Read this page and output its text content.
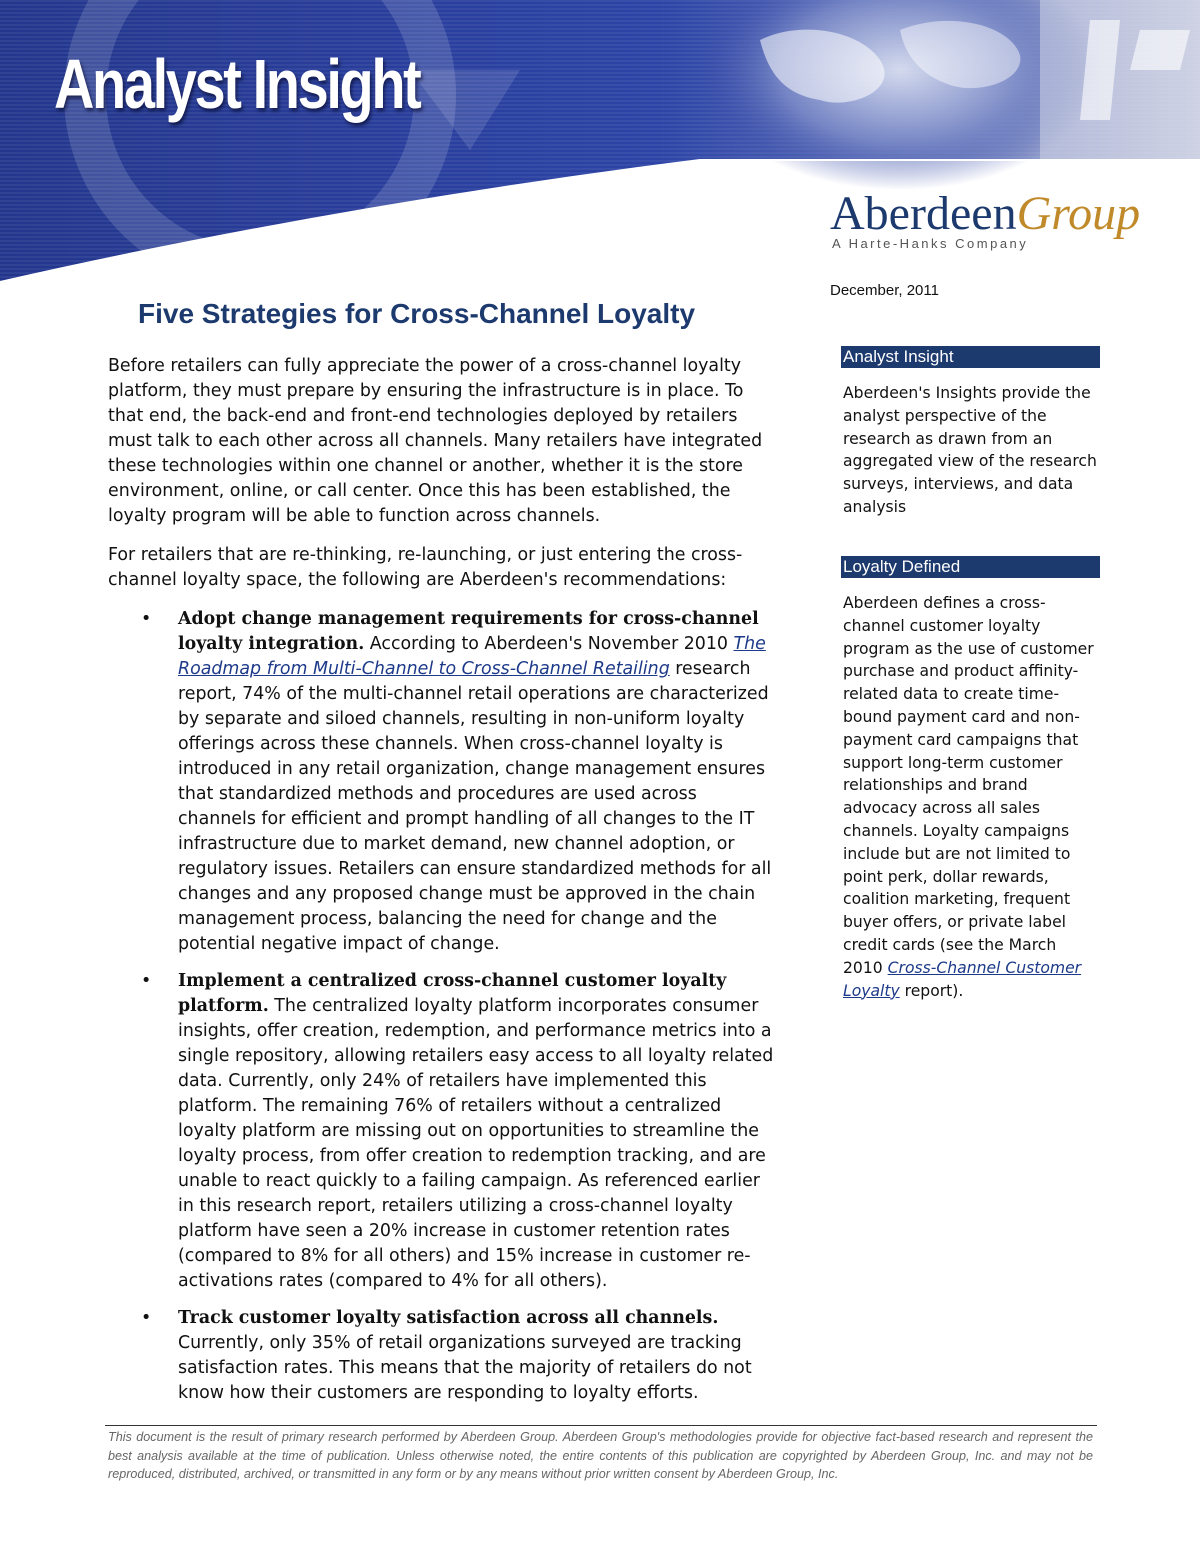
Analyst Insight
AberdeenGroup
A Harte-Hanks Company
December, 2011
Five Strategies for Cross-Channel Loyalty

Before retailers can fully appreciate the power of a cross-channel loyalty platform, they must prepare by ensuring the infrastructure is in place. To that end, the back-end and front-end technologies deployed by retailers must talk to each other across all channels. Many retailers have integrated these technologies within one channel or another, whether it is the store environment, online, or call center. Once this has been established, the loyalty program will be able to function across channels.

For retailers that are re-thinking, re-launching, or just entering the cross-channel loyalty space, the following are Aberdeen's recommendations:

• Adopt change management requirements for cross-channel loyalty integration. According to Aberdeen's November 2010 The Roadmap from Multi-Channel to Cross-Channel Retailing research report, 74% of the multi-channel retail operations are characterized by separate and siloed channels, resulting in non-uniform loyalty offerings across these channels. When cross-channel loyalty is introduced in any retail organization, change management ensures that standardized methods and procedures are used across channels for efficient and prompt handling of all changes to the IT infrastructure due to market demand, new channel adoption, or regulatory issues. Retailers can ensure standardized methods for all changes and any proposed change must be approved in the chain management process, balancing the need for change and the potential negative impact of change.
• Implement a centralized cross-channel customer loyalty platform. The centralized loyalty platform incorporates consumer insights, offer creation, redemption, and performance metrics into a single repository, allowing retailers easy access to all loyalty related data. Currently, only 24% of retailers have implemented this platform. The remaining 76% of retailers without a centralized loyalty platform are missing out on opportunities to streamline the loyalty process, from offer creation to redemption tracking, and are unable to react quickly to a failing campaign. As referenced earlier in this research report, retailers utilizing a cross-channel loyalty platform have seen a 20% increase in customer retention rates (compared to 8% for all others) and 15% increase in customer re-activations rates (compared to 4% for all others).
• Track customer loyalty satisfaction across all channels. Currently, only 35% of retail organizations surveyed are tracking satisfaction rates. This means that the majority of retailers do not know how their customers are responding to loyalty efforts.
Analyst Insight
Aberdeen's Insights provide the analyst perspective of the research as drawn from an aggregated view of the research surveys, interviews, and data analysis
Loyalty Defined
Aberdeen defines a cross-channel customer loyalty program as the use of customer purchase and product affinity-related data to create time-bound payment card and non-payment card campaigns that support long-term customer relationships and brand advocacy across all sales channels. Loyalty campaigns include but are not limited to point perk, dollar rewards, coalition marketing, frequent buyer offers, or private label credit cards (see the March 2010 Cross-Channel Customer Loyalty report).
This document is the result of primary research performed by Aberdeen Group. Aberdeen Group's methodologies provide for objective fact-based research and represent the best analysis available at the time of publication. Unless otherwise noted, the entire contents of this publication are copyrighted by Aberdeen Group, Inc. and may not be reproduced, distributed, archived, or transmitted in any form or by any means without prior written consent by Aberdeen Group, Inc.
